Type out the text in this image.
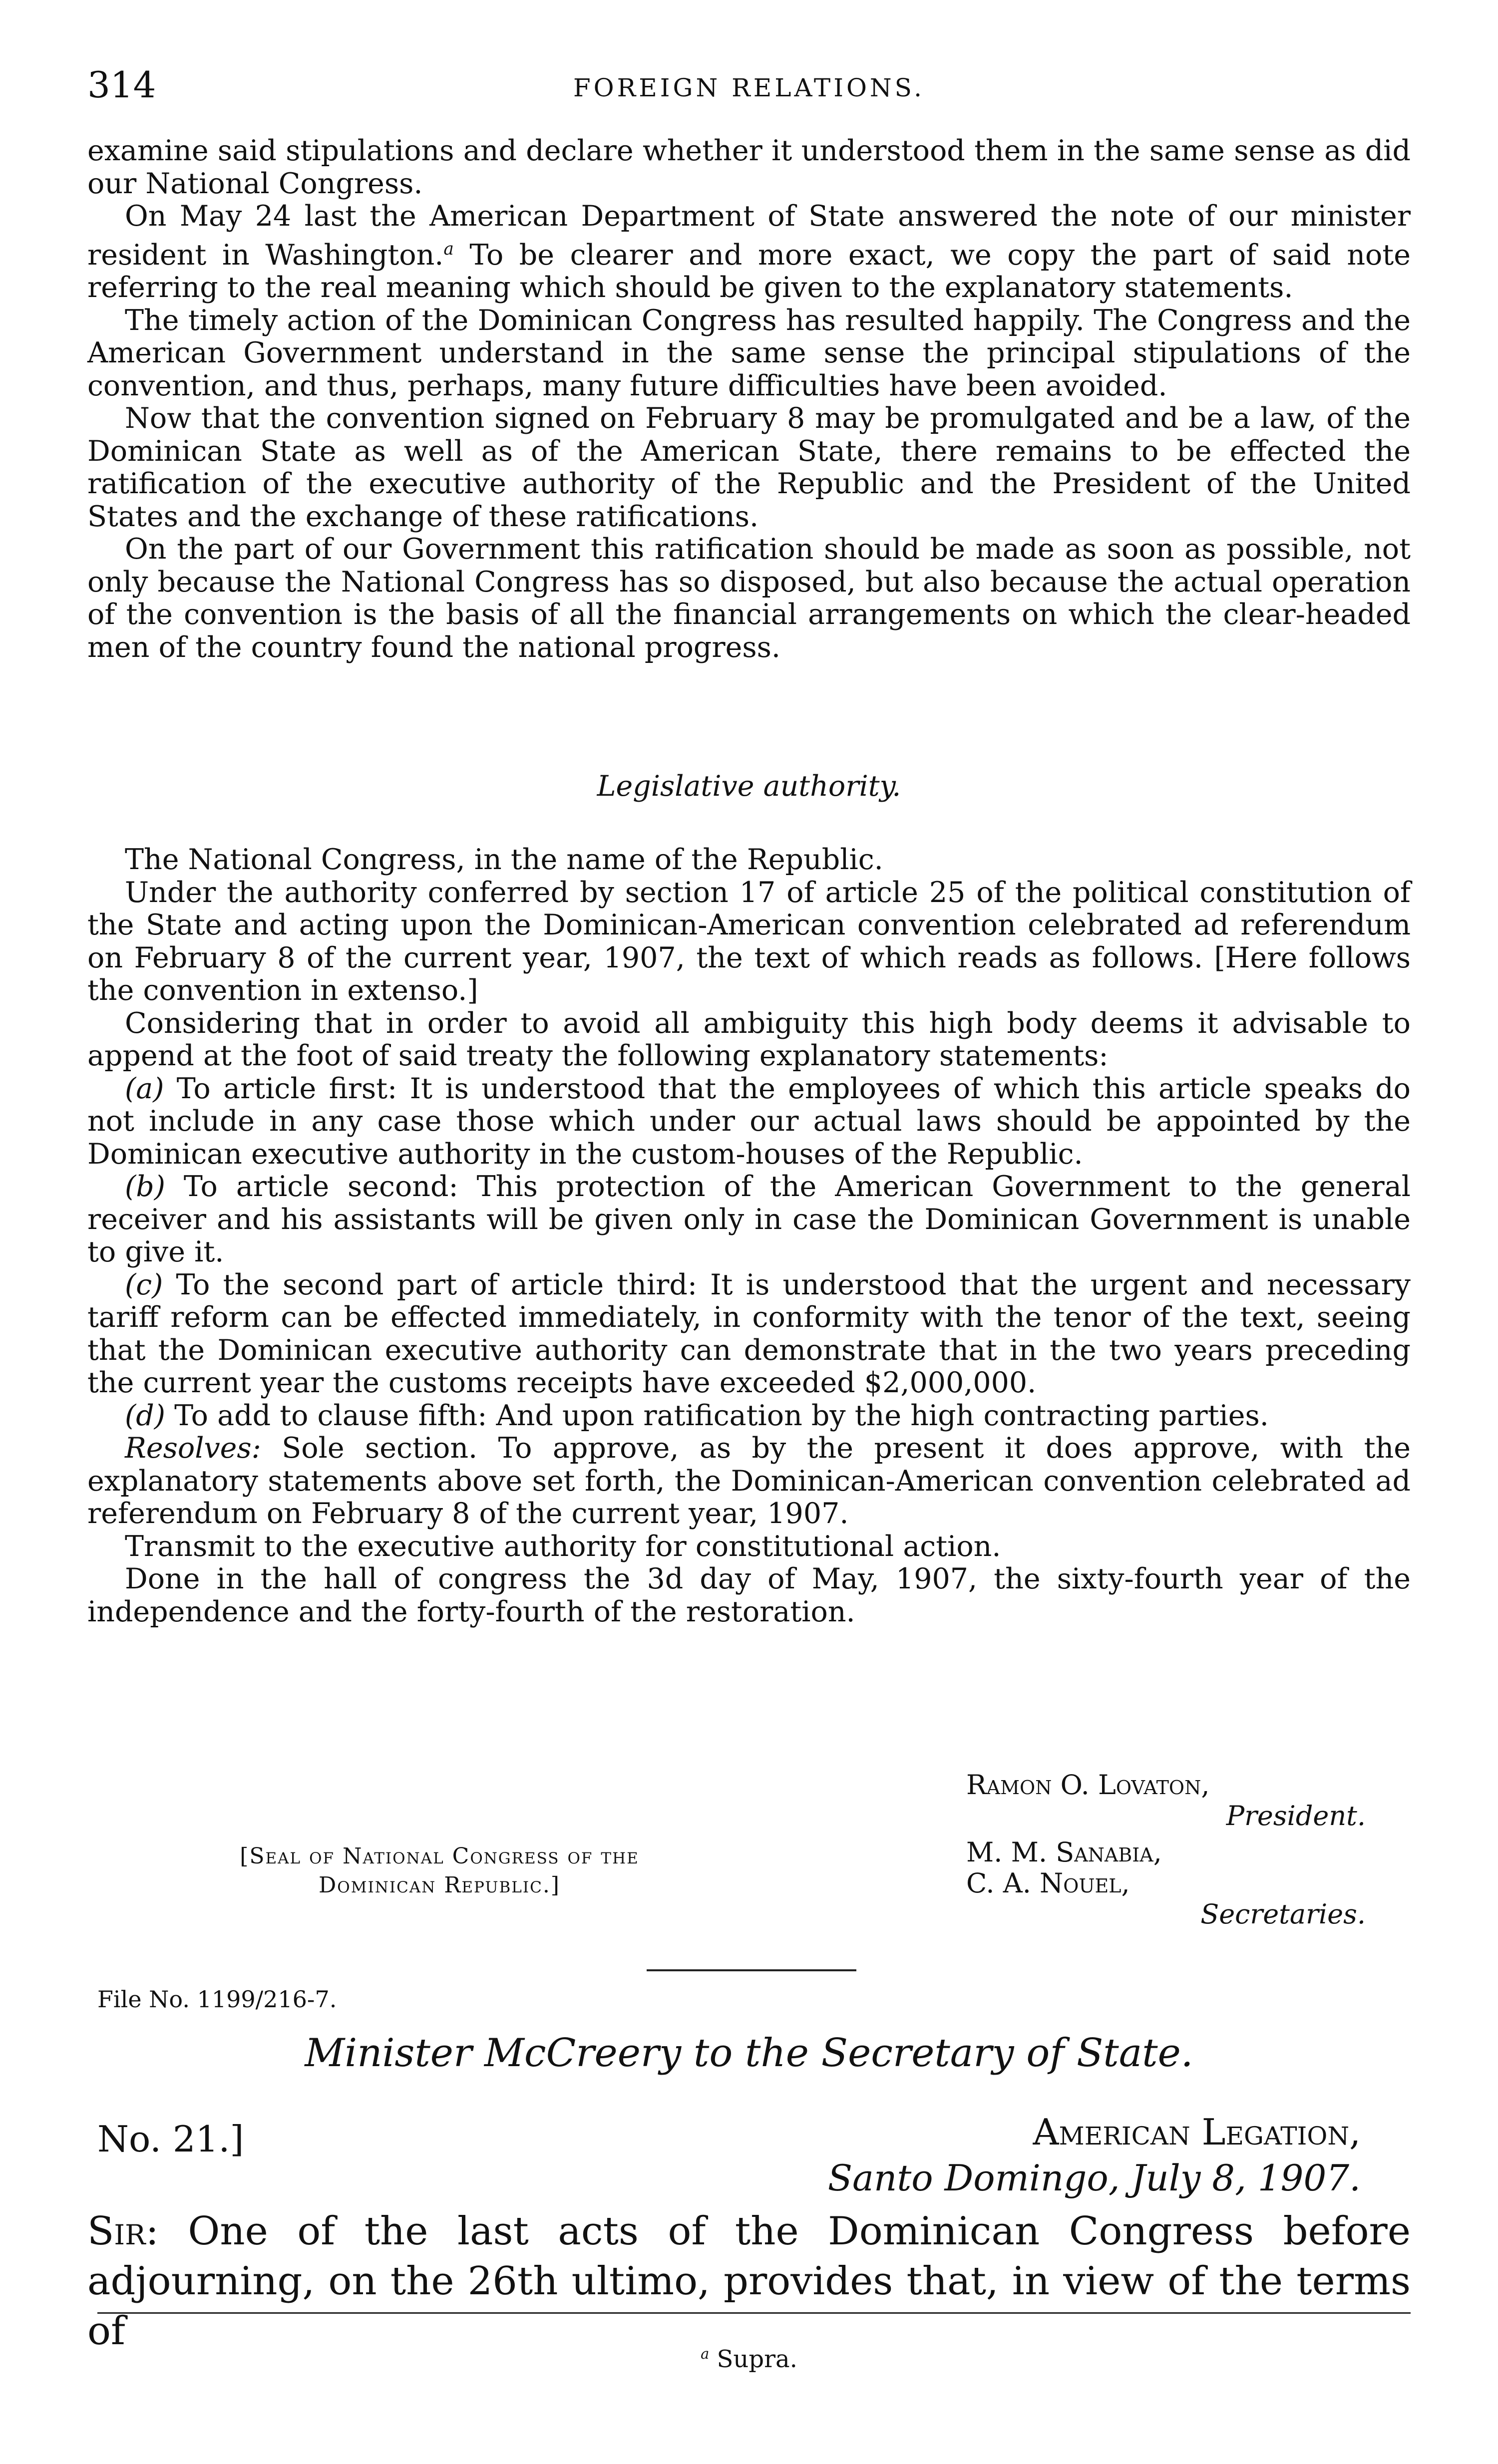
314	FOREIGN RELATIONS.

examine said stipulations and declare whether it understood them in the same sense as did our National Congress.

On May 24 last the American Department of State answered the note of our minister resident in Washington.$^a$ To be clearer and more exact, we copy the part of said note referring to the real meaning which should be given to the explanatory statements.

The timely action of the Dominican Congress has resulted happily. The Congress and the American Government understand in the same sense the principal stipulations of the convention, and thus, perhaps, many future difficulties have been avoided.

Now that the convention signed on February 8 may be promulgated and be a law, of the Dominican State as well as of the American State, there remains to be effected the ratification of the executive authority of the Republic and the President of the United States and the exchange of these ratifications.

On the part of our Government this ratification should be made as soon as possible, not only because the National Congress has so disposed, but also because the actual operation of the convention is the basis of all the financial arrangements on which the clear-headed men of the country found the national progress.

Legislative authority.

The National Congress, in the name of the Republic.

Under the authority conferred by section 17 of article 25 of the political constitution of the State and acting upon the Dominican-American convention celebrated ad referendum on February 8 of the current year, 1907, the text of which reads as follows. [Here follows the convention in extenso.]

Considering that in order to avoid all ambiguity this high body deems it advisable to append at the foot of said treaty the following explanatory statements:

(a) To article first: It is understood that the employees of which this article speaks do not include in any case those which under our actual laws should be appointed by the Dominican executive authority in the custom-houses of the Republic.

(b) To article second: This protection of the American Government to the general receiver and his assistants will be given only in case the Dominican Government is unable to give it.

(c) To the second part of article third: It is understood that the urgent and necessary tariff reform can be effected immediately, in conformity with the tenor of the text, seeing that the Dominican executive authority can demonstrate that in the two years preceding the current year the customs receipts have exceeded $2,000,000.

(d) To add to clause fifth: And upon ratification by the high contracting parties.

Resolves: Sole section. To approve, as by the present it does approve, with the explanatory statements above set forth, the Dominican-American convention celebrated ad referendum on February 8 of the current year, 1907.

Transmit to the executive authority for constitutional action.

Done in the hall of congress the 3d day of May, 1907, the sixty-fourth year of the independence and the forty-fourth of the restoration.

Ramon O. Lovaton,
President.
[Seal of National Congress of the
Dominican Republic.]
M. M. Sanabia,
C. A. Nouel,
Secretaries.
File No. 1199/216-7.
Minister McCreery to the Secretary of State.
No. 21.]	American Legation,
Santo Domingo, July 8, 1907.
Sir: One of the last acts of the Dominican Congress before adjourning, on the 26th ultimo, provides that, in view of the terms of	$^a$ Supra.
